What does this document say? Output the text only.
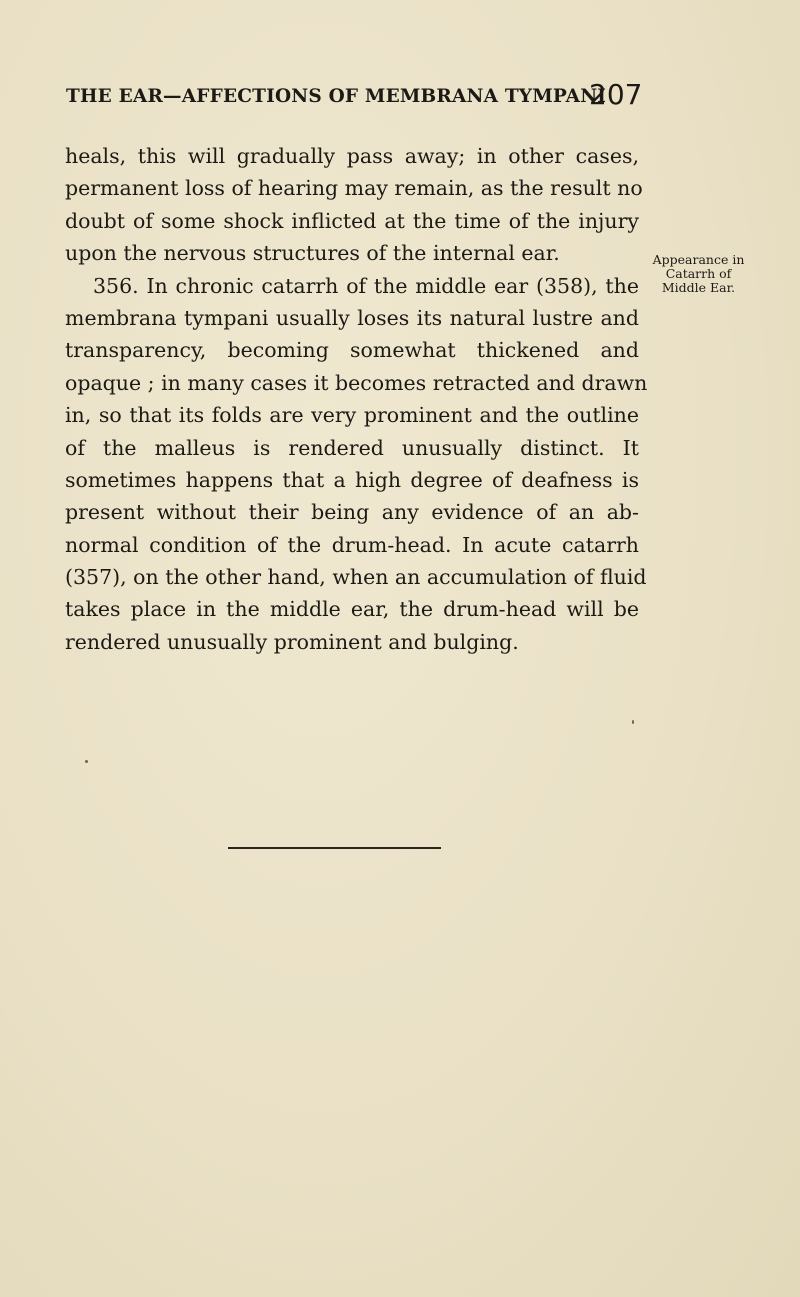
THE EAR—AFFECTIONS OF MEMBRANA TYMPANI
207
Appearance in
Catarrh of
Middle Ear.
heals, this will gradually pass away; in other cases,
permanent loss of hearing may remain, as the result no
doubt of some shock inflicted at the time of the injury
upon the nervous structures of the internal ear.
356. In chronic catarrh of the middle ear (358), the
membrana tympani usually loses its natural lustre and
transparency, becoming somewhat thickened and
opaque ; in many cases it becomes retracted and drawn
in, so that its folds are very prominent and the outline
of the malleus is rendered unusually distinct. It
sometimes happens that a high degree of deafness is
present without their being any evidence of an ab-
normal condition of the drum-head. In acute catarrh
(357), on the other hand, when an accumulation of fluid
takes place in the middle ear, the drum-head will be
rendered unusually prominent and bulging.
